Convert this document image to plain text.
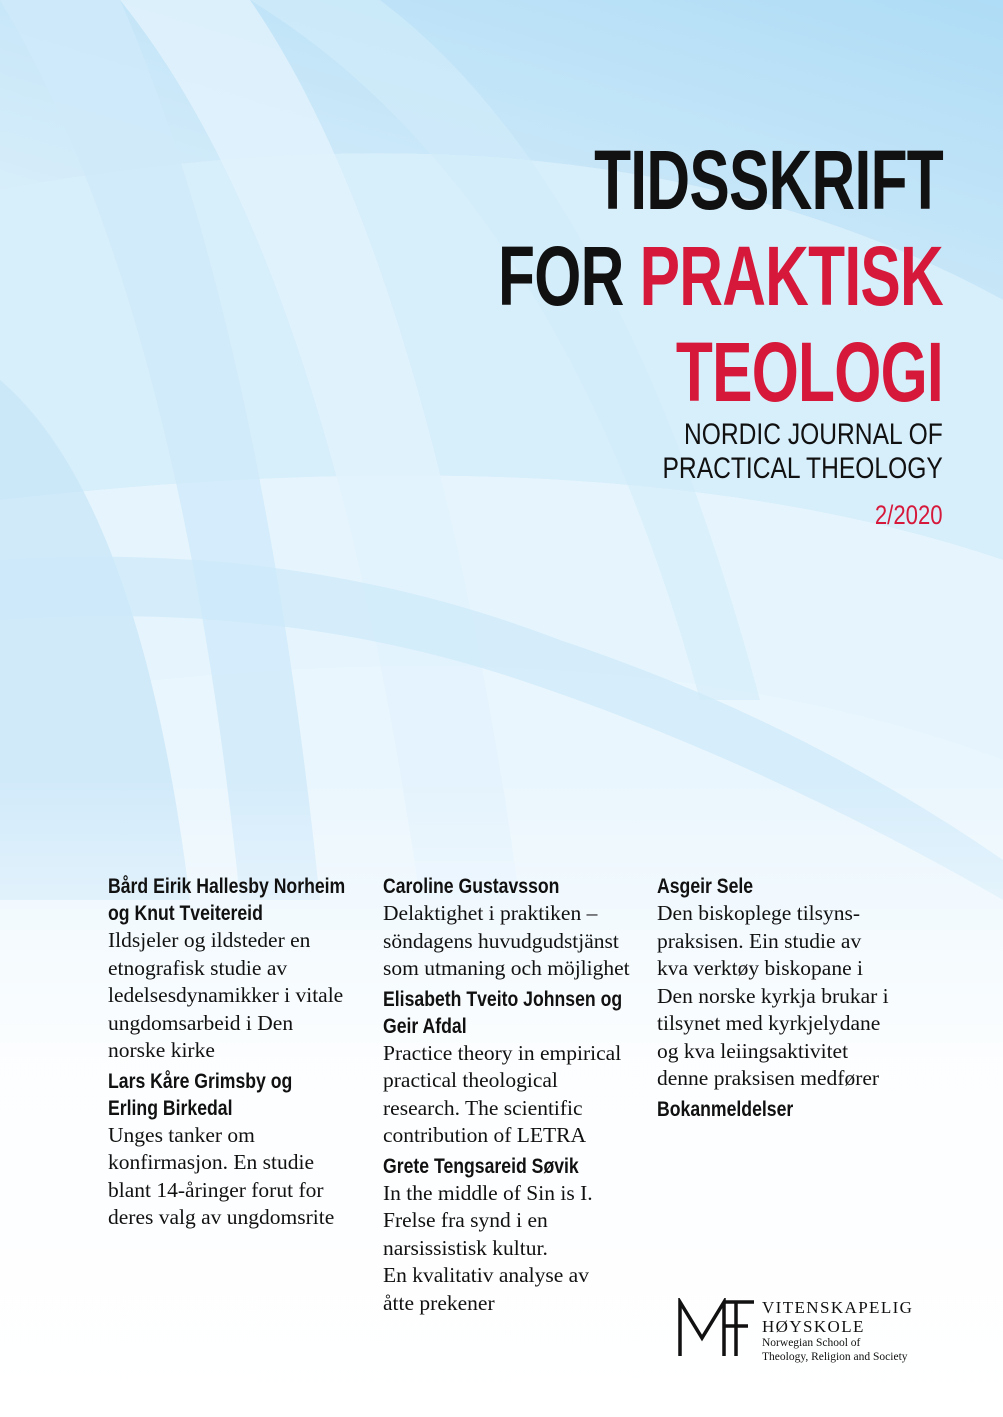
TIDSSKRIFT
FOR PRAKTISK
TEOLOGI
NORDIC JOURNAL OF
PRACTICAL THEOLOGY
2/2020
Bård Eirik Hallesby Norheim
og Knut Tveitereid
Ildsjeler og ildsteder en
etnografisk studie av
ledelsesdynamikker i vitale
ungdomsarbeid i Den
norske kirke
Lars Kåre Grimsby og
Erling Birkedal
Unges tanker om
konfirmasjon. En studie
blant 14-åringer forut for
deres valg av ungdomsrite
Caroline Gustavsson
Delaktighet i praktiken –
söndagens huvudgudstjänst
som utmaning och möjlighet
Elisabeth Tveito Johnsen og
Geir Afdal
Practice theory in empirical
practical theological
research. The scientific
contribution of LETRA
Grete Tengsareid Søvik
In the middle of Sin is I.
Frelse fra synd i en
narsissistisk kultur.
En kvalitativ analyse av
åtte prekener
Asgeir Sele
Den biskoplege tilsyns-
praksisen. Ein studie av
kva verktøy biskopane i
Den norske kyrkja brukar i
tilsynet med kyrkjelydane
og kva leiingsaktivitet
denne praksisen medfører
Bokanmeldelser
VITENSKAPELIG
HØYSKOLE
Norwegian School of
Theology, Religion and Society
